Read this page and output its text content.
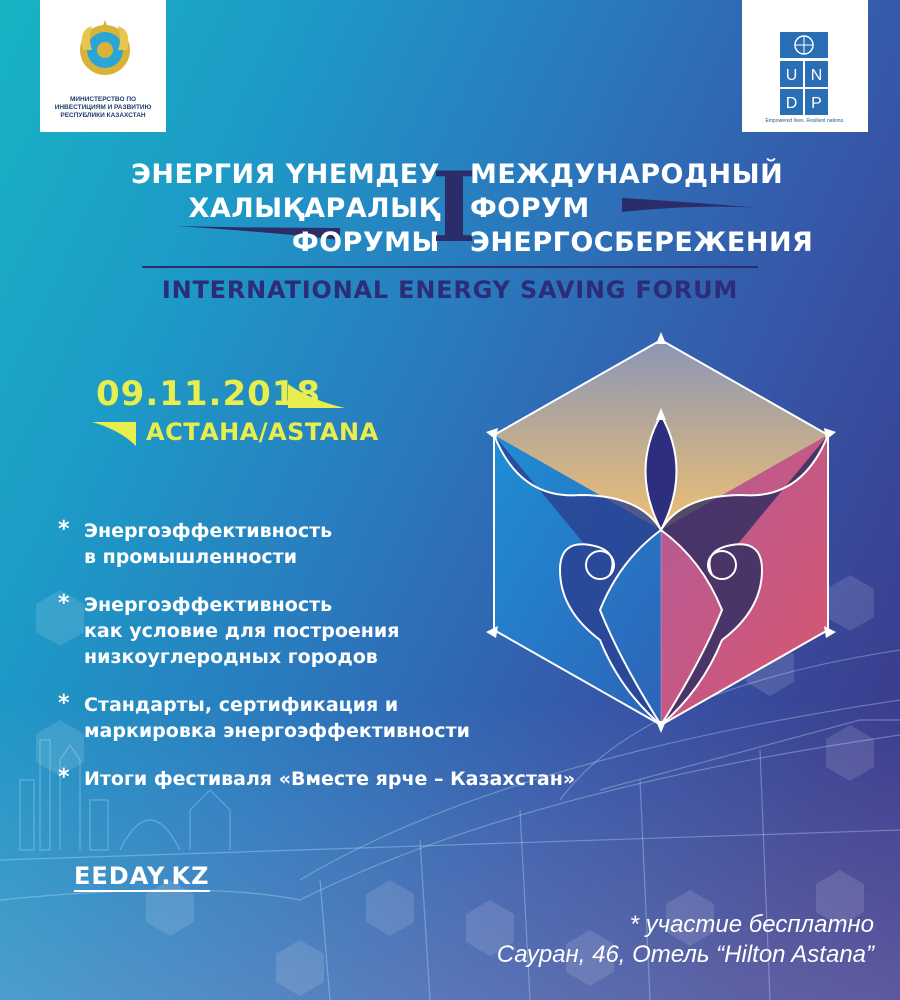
МИНИСТЕРСТВО ПО ИНВЕСТИЦИЯМ И РАЗВИТИЮ РЕСПУБЛИКИ КАЗАХСТАН
U N
D P
Empowered lives. Resilient nations.
ЭНЕРГИЯ ҮНЕМДЕУ
ХАЛЫҚАРАЛЫҚ
ФОРУМЫ
I
МЕЖДУНАРОДНЫЙ
ФОРУМ
ЭНЕРГОСБЕРЕЖЕНИЯ
INTERNATIONAL ENERGY SAVING FORUM
09.11.2018
АСТАНА/ASTANA
* Энергоэффективность
в промышленности
* Энергоэффективность
как условие для построения
низкоуглеродных городов
* Стандарты, сертификация и
маркировка энергоэффективности
* Итоги фестиваля «Вместе ярче – Казахстан»
EEDAY.KZ
* участие бесплатно
Сауран, 46, Отель “Hilton Astana”
